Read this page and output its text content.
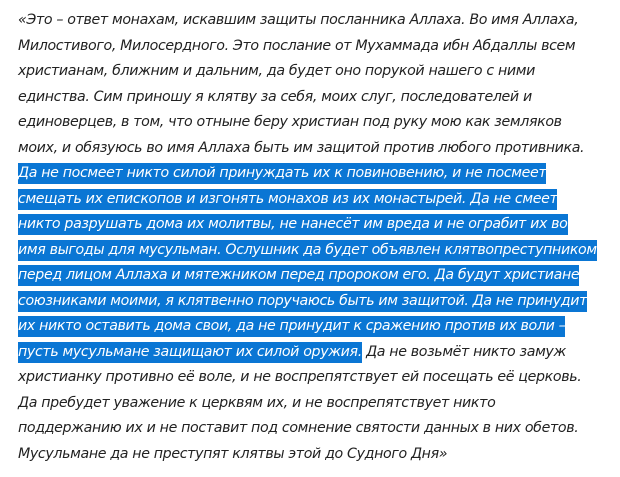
«Это – ответ монахам, искавшим защиты посланника Аллаха. Во имя Аллаха,
Милостивого, Милосердного. Это послание от Мухаммада ибн Абдаллы всем
христианам, ближним и дальним, да будет оно порукой нашего с ними
единства. Сим приношу я клятву за себя, моих слуг, последователей и
единоверцев, в том, что отныне беру христиан под руку мою как земляков
моих, и обязуюсь во имя Аллаха быть им защитой против любого противника.
Да не посмеет никто силой принуждать их к повиновению, и не посмеет
смещать их епископов и изгонять монахов из их монастырей. Да не смеет
никто разрушать дома их молитвы, не нанесёт им вреда и не ограбит их во
имя выгоды для мусульман. Ослушник да будет объявлен клятвопреступником
перед лицом Аллаха и мятежником перед пророком его. Да будут христиане
союзниками моими, я клятвенно поручаюсь быть им защитой. Да не принудит
их никто оставить дома свои, да не принудит к сражению против их воли –
пусть мусульмане защищают их силой оружия. Да не возьмёт никто замуж
христианку противно её воле, и не воспрепятствует ей посещать её церковь.
Да пребудет уважение к церквям их, и не воспрепятствует никто
поддержанию их и не поставит под сомнение святости данных в них обетов.
Мусульмане да не преступят клятвы этой до Судного Дня»
